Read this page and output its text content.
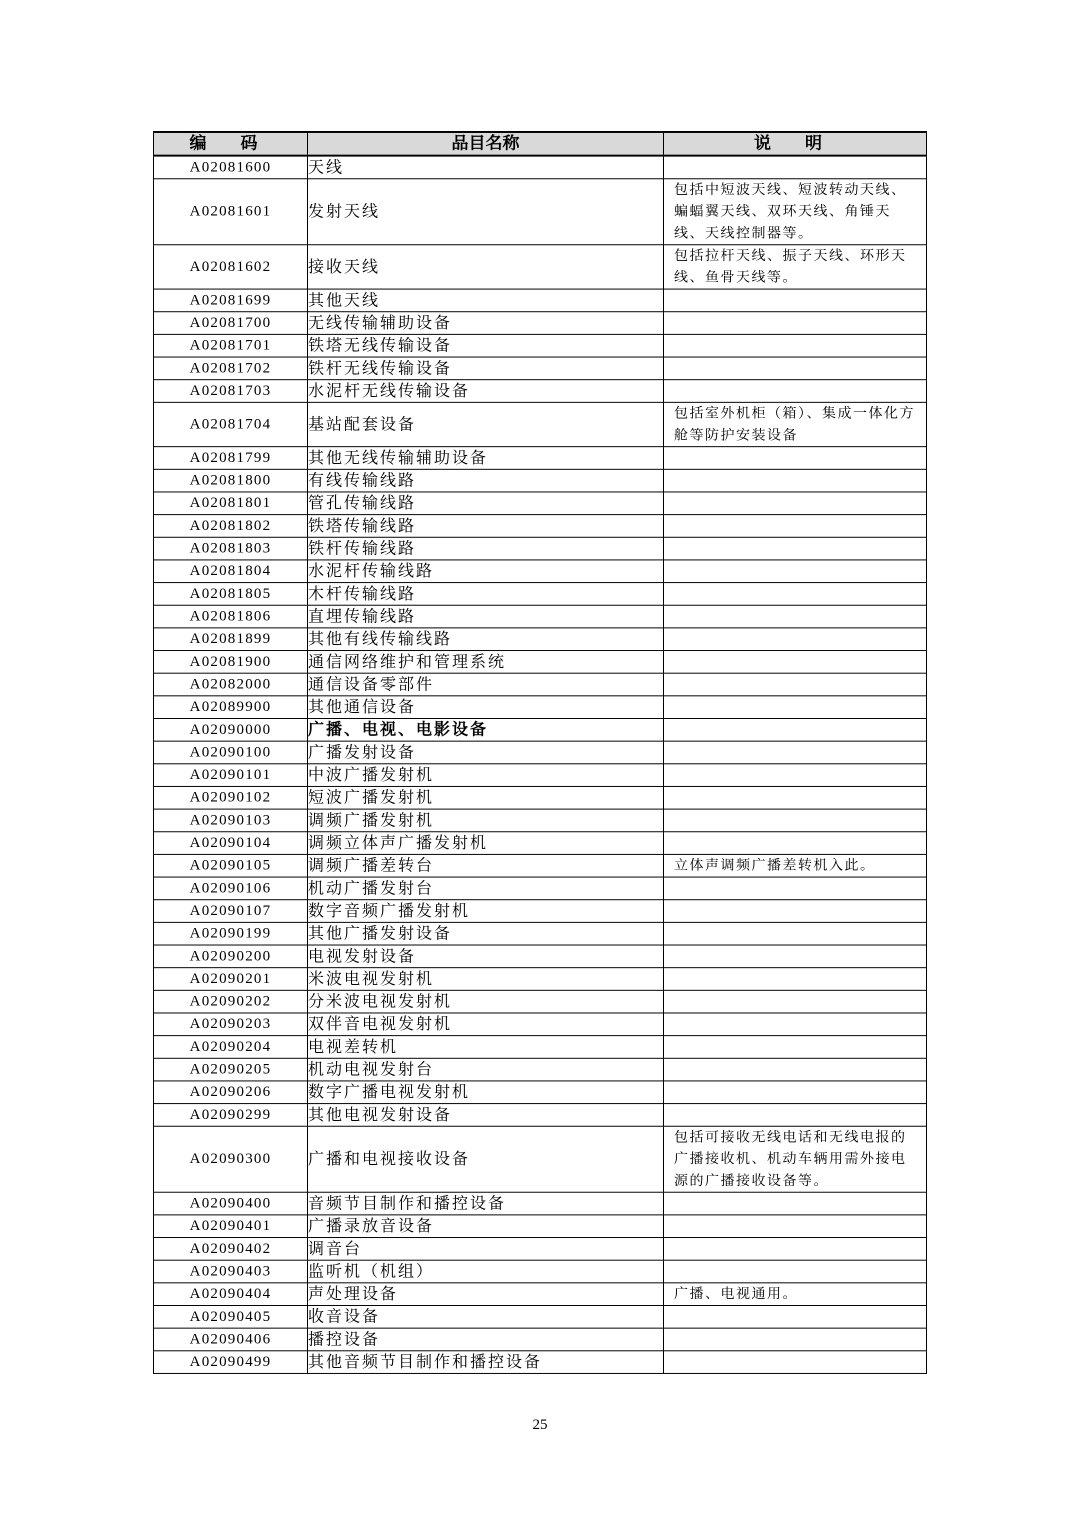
编 码	品目名称	说 明
A02081600	天线	
A02081601	发射天线	包括中短波天线、短波转动天线、蝙蝠翼天线、双环天线、角锤天线、天线控制器等。
A02081602	接收天线	包括拉杆天线、振子天线、环形天线、鱼骨天线等。
A02081699	其他天线	
A02081700	无线传输辅助设备	
A02081701	铁塔无线传输设备	
A02081702	铁杆无线传输设备	
A02081703	水泥杆无线传输设备	
A02081704	基站配套设备	包括室外机柜（箱）、集成一体化方舱等防护安装设备
A02081799	其他无线传输辅助设备	
A02081800	有线传输线路	
A02081801	管孔传输线路	
A02081802	铁塔传输线路	
A02081803	铁杆传输线路	
A02081804	水泥杆传输线路	
A02081805	木杆传输线路	
A02081806	直埋传输线路	
A02081899	其他有线传输线路	
A02081900	通信网络维护和管理系统	
A02082000	通信设备零部件	
A02089900	其他通信设备	
A02090000	广播、电视、电影设备	
A02090100	广播发射设备	
A02090101	中波广播发射机	
A02090102	短波广播发射机	
A02090103	调频广播发射机	
A02090104	调频立体声广播发射机	
A02090105	调频广播差转台	立体声调频广播差转机入此。
A02090106	机动广播发射台	
A02090107	数字音频广播发射机	
A02090199	其他广播发射设备	
A02090200	电视发射设备	
A02090201	米波电视发射机	
A02090202	分米波电视发射机	
A02090203	双伴音电视发射机	
A02090204	电视差转机	
A02090205	机动电视发射台	
A02090206	数字广播电视发射机	
A02090299	其他电视发射设备	
A02090300	广播和电视接收设备	包括可接收无线电话和无线电报的广播接收机、机动车辆用需外接电源的广播接收设备等。
A02090400	音频节目制作和播控设备	
A02090401	广播录放音设备	
A02090402	调音台	
A02090403	监听机（机组）	
A02090404	声处理设备	广播、电视通用。
A02090405	收音设备	
A02090406	播控设备	
A02090499	其他音频节目制作和播控设备	
25
